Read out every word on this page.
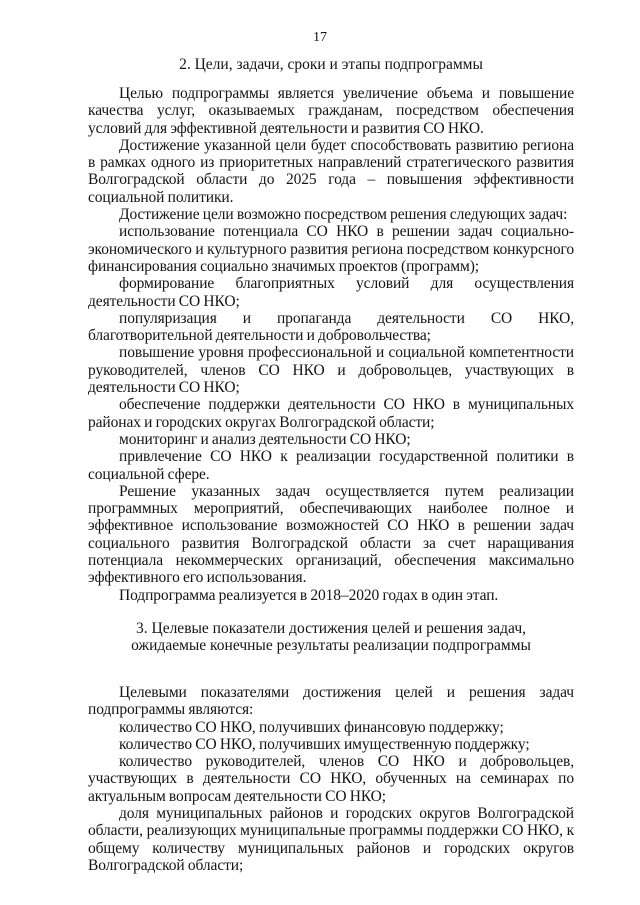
17

2. Цели, задачи, сроки и этапы подпрограммы

Целью подпрограммы является увеличение объема и повышение качества услуг, оказываемых гражданам, посредством обеспечения условий для эффективной деятельности и развития СО НКО.

Достижение указанной цели будет способствовать развитию региона в рамках одного из приоритетных направлений стратегического развития Волгоградской области до 2025 года – повышения эффективности социальной политики.

Достижение цели возможно посредством решения следующих задач:

использование потенциала СО НКО в решении задач социально-экономического и культурного развития региона посредством конкурсного финансирования социально значимых проектов (программ);

формирование благоприятных условий для осуществления деятельности СО НКО;

популяризация и пропаганда деятельности СО НКО, благотворительной деятельности и добровольчества;

повышение уровня профессиональной и социальной компетентности руководителей, членов СО НКО и добровольцев, участвующих в деятельности СО НКО;

обеспечение поддержки деятельности СО НКО в муниципальных районах и городских округах Волгоградской области;

мониторинг и анализ деятельности СО НКО;

привлечение СО НКО к реализации государственной политики в социальной сфере.

Решение указанных задач осуществляется путем реализации программных мероприятий, обеспечивающих наиболее полное и эффективное использование возможностей СО НКО в решении задач социального развития Волгоградской области за счет наращивания потенциала некоммерческих организаций, обеспечения максимально эффективного его использования.

Подпрограмма реализуется в 2018–2020 годах в один этап.

3. Целевые показатели достижения целей и решения задач,
ожидаемые конечные результаты реализации подпрограммы

Целевыми показателями достижения целей и решения задач подпрограммы являются:

количество СО НКО, получивших финансовую поддержку;

количество СО НКО, получивших имущественную поддержку;

количество руководителей, членов СО НКО и добровольцев, участвующих в деятельности СО НКО, обученных на семинарах по актуальным вопросам деятельности СО НКО;

доля муниципальных районов и городских округов Волгоградской области, реализующих муниципальные программы поддержки СО НКО, к общему количеству муниципальных районов и городских округов Волгоградской области;
